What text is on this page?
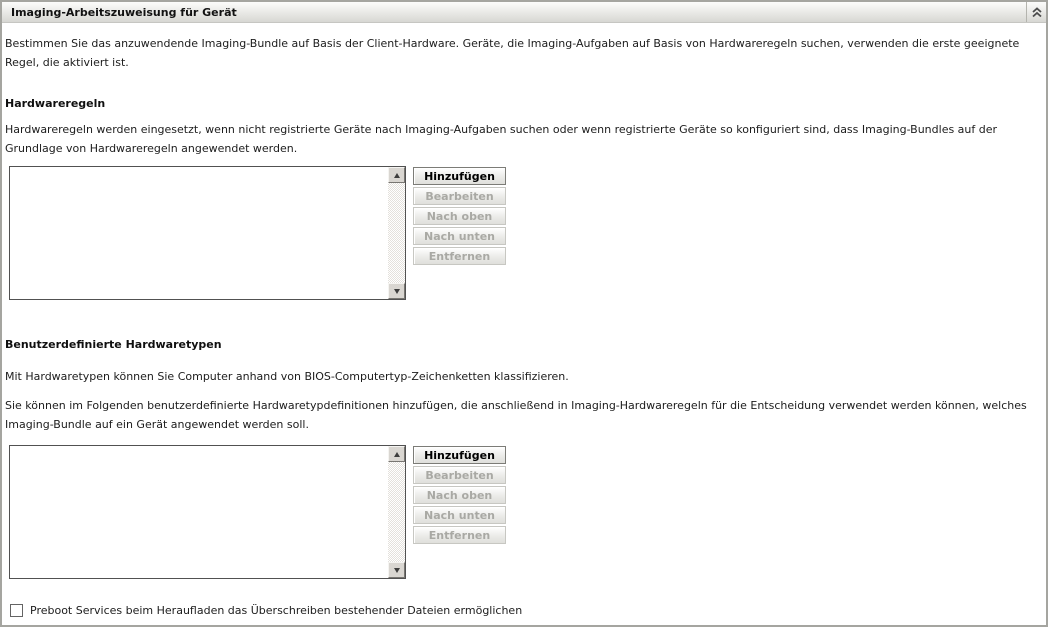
Imaging-Arbeitszuweisung für Gerät

Bestimmen Sie das anzuwendende Imaging-Bundle auf Basis der Client-Hardware. Geräte, die Imaging-Aufgaben auf Basis von Hardwareregeln suchen, verwenden die erste geeignete Regel, die aktiviert ist.

Hardwareregeln

Hardwareregeln werden eingesetzt, wenn nicht registrierte Geräte nach Imaging-Aufgaben suchen oder wenn registrierte Geräte so konfiguriert sind, dass Imaging-Bundles auf der Grundlage von Hardwareregeln angewendet werden.

Hinzufügen
Bearbeiten
Nach oben
Nach unten
Entfernen
Benutzerdefinierte Hardwaretypen

Mit Hardwaretypen können Sie Computer anhand von BIOS-Computertyp-Zeichenketten klassifizieren.

Sie können im Folgenden benutzerdefinierte Hardwaretypdefinitionen hinzufügen, die anschließend in Imaging-Hardwareregeln für die Entscheidung verwendet werden können, welches Imaging-Bundle auf ein Gerät angewendet werden soll.

Hinzufügen
Bearbeiten
Nach oben
Nach unten
Entfernen
Preboot Services beim Heraufladen das Überschreiben bestehender Dateien ermöglichen
